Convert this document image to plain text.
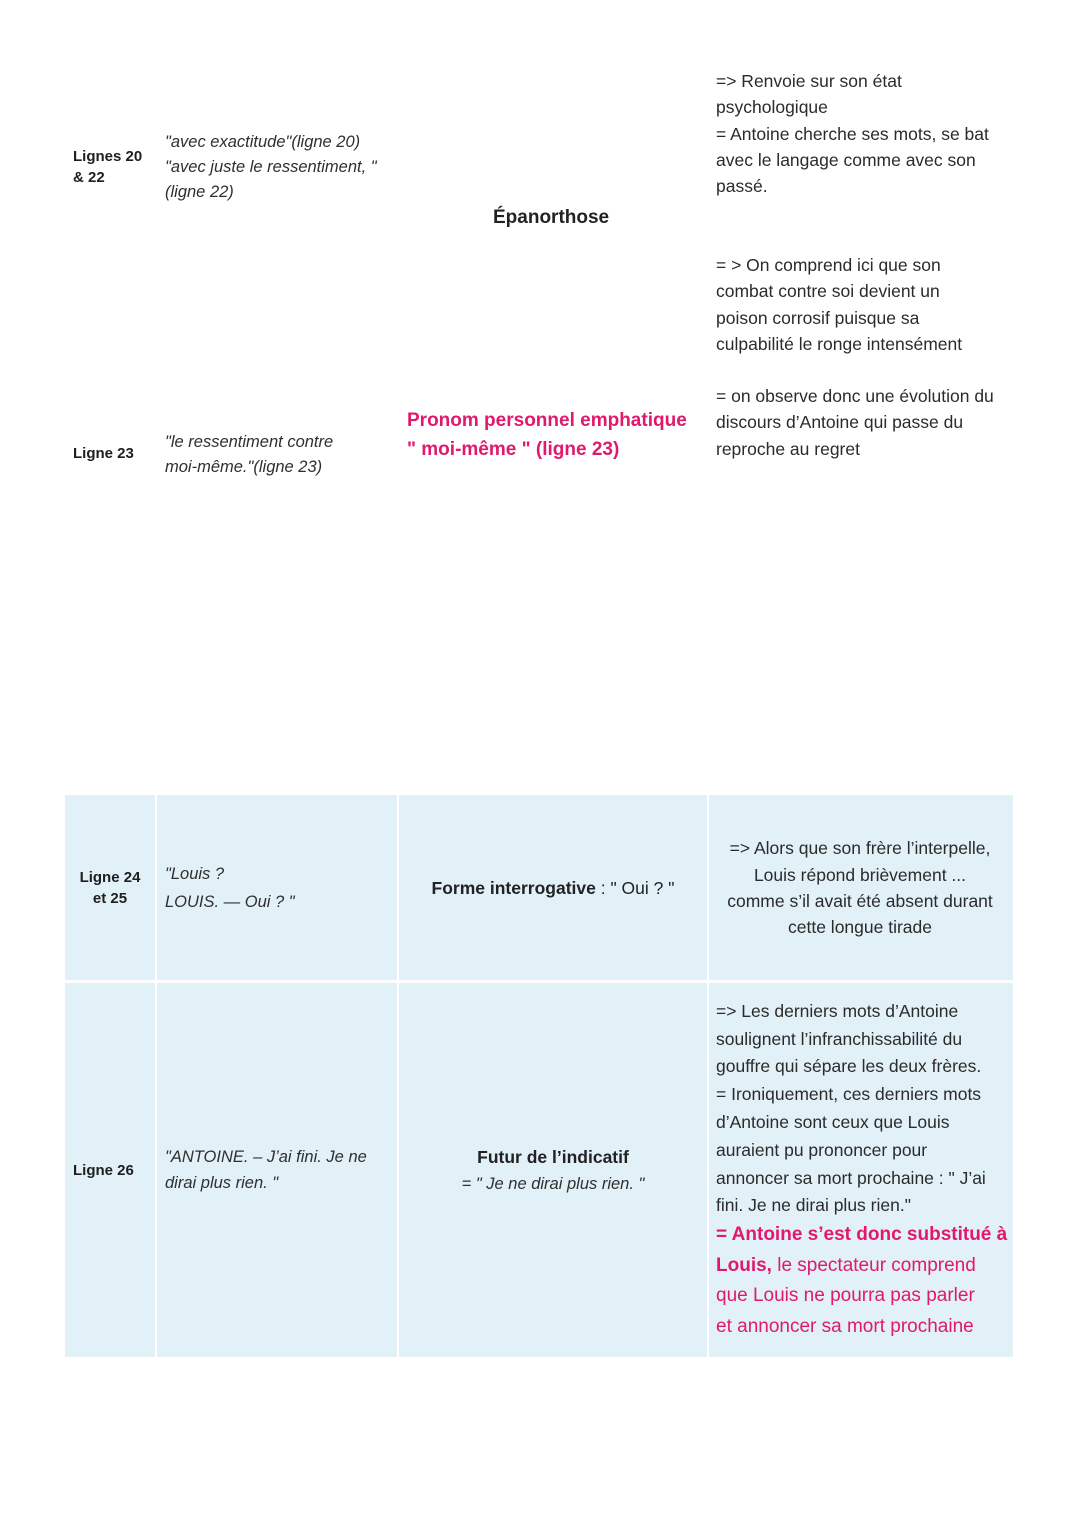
Lignes 20
& 22
"avec exactitude"(ligne 20)
"avec juste le ressentiment, "
(ligne 22)
Épanorthose
=> Renvoie sur son état
psychologique
= Antoine cherche ses mots, se bat
avec le langage comme avec son
passé.
= > On comprend ici que son
combat contre soi devient un
poison corrosif puisque sa
culpabilité le ronge intensément
Ligne 23
"le ressentiment contre
moi-même."(ligne 23)
Pronom personnel emphatique
" moi-même " (ligne 23)
= on observe donc une évolution du
discours d’Antoine qui passe du
reproche au regret
Ligne 24
et 25
"Louis ?
LOUIS. — Oui ? "
Forme interrogative : " Oui ? "
=> Alors que son frère l’interpelle,
Louis répond brièvement ...
comme s’il avait été absent durant
cette longue tirade
Ligne 26
"ANTOINE. – J’ai fini. Je ne
dirai plus rien. "
Futur de l’indicatif
= " Je ne dirai plus rien. "
=> Les derniers mots d’Antoine
soulignent l’infranchissabilité du
gouffre qui sépare les deux frères.
= Ironiquement, ces derniers mots
d’Antoine sont ceux que Louis
auraient pu prononcer pour
annoncer sa mort prochaine : " J’ai
fini. Je ne dirai plus rien."
= Antoine s’est donc substitué à
Louis, le spectateur comprend
que Louis ne pourra pas parler
et annoncer sa mort prochaine
